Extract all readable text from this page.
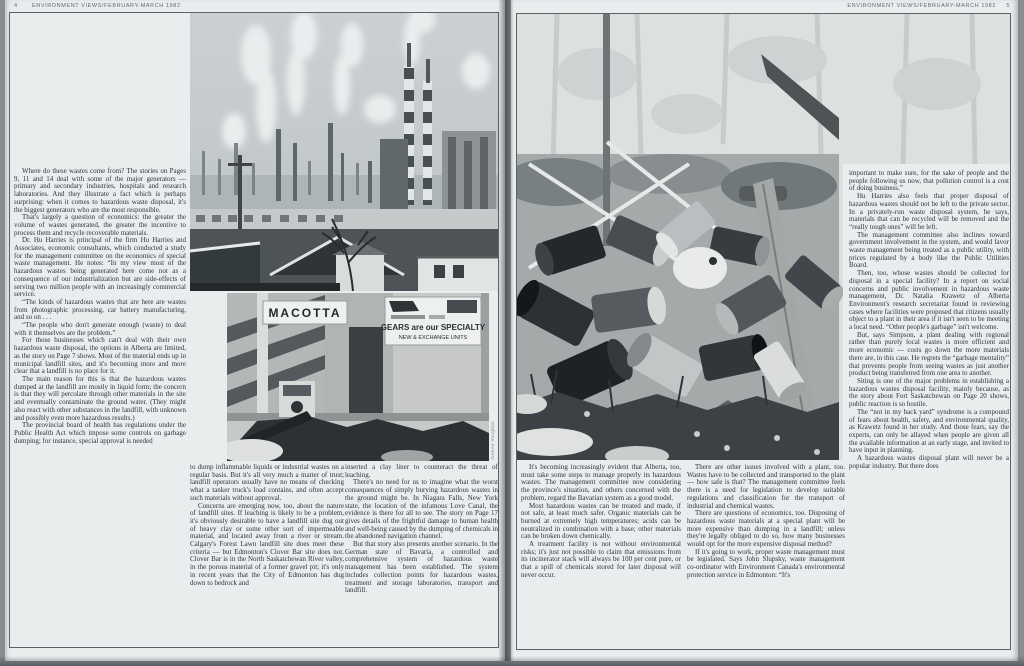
4	ENVIRONMENT VIEWS/FEBRUARY-MARCH 1982
MACOTTA
GEARS are our SPECIALTY
NEW & EXCHANGE UNITS
Andrea Vaughan

Where do these wastes come from? The stories on Pages 9, 11 and 14 deal with some of the major generators — primary and secondary industries, hospitals and research laboratories. And they illustrate a fact which is perhaps surprising: when it comes to hazardous waste disposal, it's the biggest generators who are the most responsible.

That's largely a question of economics: the greater the volume of wastes generated, the greater the incentive to process them and recycle recoverable materials.

Dr. Hu Harries is principal of the firm Hu Harries and Associates, economic consultants, which conducted a study for the management committee on the economics of special waste management. He notes: “In my view most of the hazardous wastes being generated here come not as a consequence of our industrialization but are side-effects of serving two million people with an increasingly commercial service.

“The kinds of hazardous wastes that are here are wastes from photographic processing, car battery manufacturing, and so on . . .

“The people who don't generate enough (waste) to deal with it themselves are the problem.”

For those businesses which can't deal with their own hazardous waste disposal, the options in Alberta are limited, as the story on Page 7 shows. Most of the material ends up in municipal landfill sites, and it's becoming more and more clear that a landfill is no place for it.

The main reason for this is that the hazardous wastes dumped at the landfill are mostly in liquid form; the concern is that they will percolate through other materials in the site and eventually contaminate the ground water. (They might also react with other substances in the landfill, with unknown and possibly even more hazardous results.)

The provincial board of health has regulations under the Public Health Act which impose some controls on garbage dumping; for instance, special approval is needed

to dump inflammable liquids or industrial wastes on a regular basis. But it's all very much a matter of trust; landfill operators usually have no means of checking what a tanker truck's load contains, and often accept such materials without approval.

Concerns are emerging now, too, about the nature of landfill sites. If leaching is likely to be a problem, it's obviously desirable to have a landfill site dug out of heavy clay or some other sort of impermeable material, and located away from a river or stream. Calgary's Forest Lawn landfill site does meet these criteria — but Edmonton's Clover Bar site does not. Clover Bar is in the North Saskatchewan River valley, in the porous material of a former gravel pit; it's only in recent years that the City of Edmonton has dug down to bedrock and

inserted a clay liner to counteract the threat of leaching.

There's no need for us to imagine what the worst consequences of simply burying hazardous wastes in the ground might be. In Niagara Falls, New York state, the location of the infamous Love Canal, the evidence is there for all to see. The story on Page 17 gives details of the frightful damage to human health and well-being caused by the dumping of chemicals in the abandoned navigation channel.

But that story also presents another scenario. In the German state of Bavaria, a controlled and comprehensive system of hazardous waste management has been established. The system includes collection points for hazardous wastes, treatment and storage laboratories, transport and landfill.

ENVIRONMENT VIEWS/FEBRUARY-MARCH 1982 5

It's becoming increasingly evident that Alberta, too, must take some steps to manage properly its hazardous wastes. The management committee now considering the province's situation, and others concerned with the problem, regard the Bavarian system as a good model.

Most hazardous wastes can be treated and made, if not safe, at least much safer. Organic materials can be burned at extremely high temperatures; acids can be neutralized in combination with a base; other materials can be broken down chemically.

A treatment facility is not without environmental risks; it's just not possible to claim that emissions from its incinerator stack will always be 100 per cent pure, or that a spill of chemicals stored for later disposal will never occur.

There are other issues involved with a plant, too. Wastes have to be collected and transported to the plant — how safe is that? The management committee feels there is a need for legislation to develop suitable regulations and classification for the transport of industrial and chemical wastes.

There are questions of economics, too. Disposing of hazardous waste materials at a special plant will be more expensive than dumping in a landfill; unless they're legally obliged to do so, how many businesses would opt for the more expensive disposal method?

If it's going to work, proper waste management must be legislated. Says John Slupsky, waste management co-ordinator with Environment Canada's environmental protection service in Edmonton: “It's

important to make sure, for the sake of people and the people following us now, that pollution control is a cost of doing business.”

Hu Harries also feels that proper disposal of hazardous wastes should not be left to the private sector. In a privately-run waste disposal system, he says, materials that can be recycled will be removed and the “really tough ones” will be left.

The management committee also inclines toward government involvement in the system, and would favor waste management being treated as a public utility, with prices regulated by a body like the Public Utilities Board.

Then, too, whose wastes should be collected for disposal in a special facility? In a report on social concerns and public involvement in hazardous waste management, Dr. Natalia Krawetz of Alberta Environment's research secretariat found in reviewing cases where facilities were proposed that citizens usually object to a plant in their area if it isn't seen to be meeting a local need. “Other people's garbage” isn't welcome.

But, says Simpson, a plant dealing with regional rather than purely local wastes is more efficient and more economic — costs go down the more materials there are, in this case. He regrets the “garbage mentality” that prevents people from seeing wastes as just another product being transferred from one area to another.

Siting is one of the major problems in establishing a hazardous wastes disposal facility, mainly because, as the story about Fort Saskatchewan on Page 20 shows, public reaction is so hostile.

The “not in my back yard” syndrome is a compound of fears about health, safety, and environmental quality, as Krawetz found in her study. And those fears, say the experts, can only be allayed when people are given all the available information at an early stage, and invited to have input in planning.

A hazardous wastes disposal plant will never be a popular industry. But there does
